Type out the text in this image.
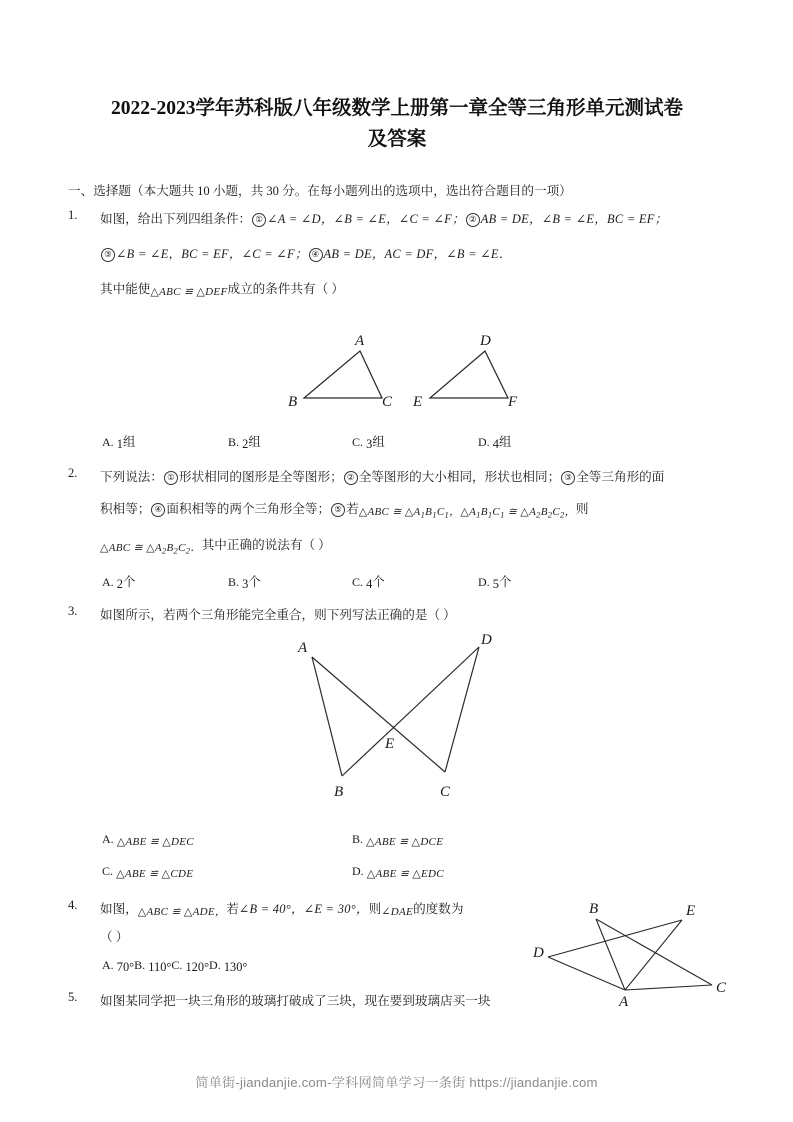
2022-2023学年苏科版八年级数学上册第一章全等三角形单元测试卷
及答案
一、选择题（本大题共 10 小题，共 30 分。在每小题列出的选项中，选出符合题目的一项）
1. 如图，给出下列四组条件： ① ∠A = ∠D，∠B = ∠E，∠C = ∠F； ② AB = DE，∠B = ∠E，BC = EF；
③ ∠B = ∠E，BC = EF，∠C = ∠F； ④ AB = DE，AC = DF，∠B = ∠E．
其中能使△ABC ≌ △DEF成立的条件共有（ ）
A
B	C
D
E	F
A. 1组	B. 2组	C. 3组	D. 4组
2. 下列说法： ① 形状相同的图形是全等图形； ② 全等图形的大小相同，形状也相同； ③ 全等三角形的面
积相等； ④ 面积相等的两个三角形全等； ⑤ 若△ABC ≅ $\triangle A_1B_1C_1$，$\triangle A_1B_1C_1$ ≅ $\triangle A_2B_2C_2$，则
△ABC ≅ $\triangle A_2B_2C_2$．其中正确的说法有（ ）
A. 2个	B. 3个	C. 4个	D. 5个
3. 如图所示，若两个三角形能完全重合，则下列写法正确的是（ ）
A	D
E
B	C
A. △ABE ≌ △DEC	B. △ABE ≌ △DCE
C. △ABE ≌ △CDE	D. △ABE ≌ △EDC
4. 如图，△ABC ≌ △ADE，若∠B = 40°，∠E = 30°，则∠DAE的度数为
（ ）
A. 70°B. 110°C. 120°D. 130°
B	E
D
A
C
5. 如图某同学把一块三角形的玻璃打破成了三块，现在要到玻璃店买一块
简单街-jiandanjie.com-学科网简单学习一条街 https://jiandanjie.com
